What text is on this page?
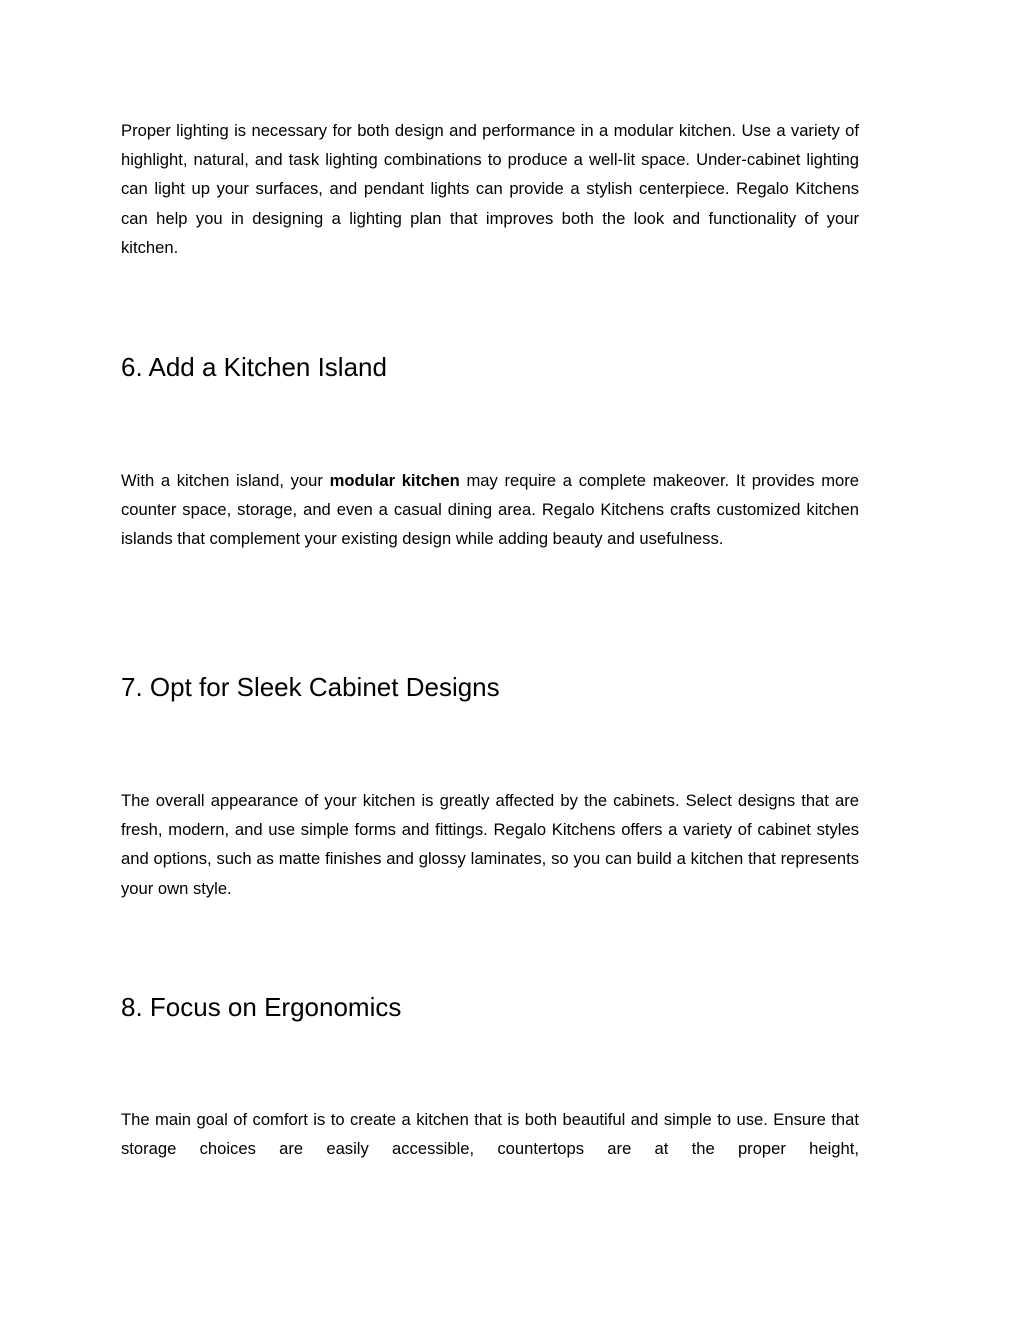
Proper lighting is necessary for both design and performance in a modular kitchen. Use a variety of highlight, natural, and task lighting combinations to produce a well-lit space. Under-cabinet lighting can light up your surfaces, and pendant lights can provide a stylish centerpiece. Regalo Kitchens can help you in designing a lighting plan that improves both the look and functionality of your kitchen.

6. Add a Kitchen Island

With a kitchen island, your modular kitchen may require a complete makeover. It provides more counter space, storage, and even a casual dining area. Regalo Kitchens crafts customized kitchen islands that complement your existing design while adding beauty and usefulness.

7. Opt for Sleek Cabinet Designs

The overall appearance of your kitchen is greatly affected by the cabinets. Select designs that are fresh, modern, and use simple forms and fittings. Regalo Kitchens offers a variety of cabinet styles and options, such as matte finishes and glossy laminates, so you can build a kitchen that represents your own style.

8. Focus on Ergonomics

The main goal of comfort is to create a kitchen that is both beautiful and simple to use. Ensure that storage choices are easily accessible, countertops are at the proper height,
